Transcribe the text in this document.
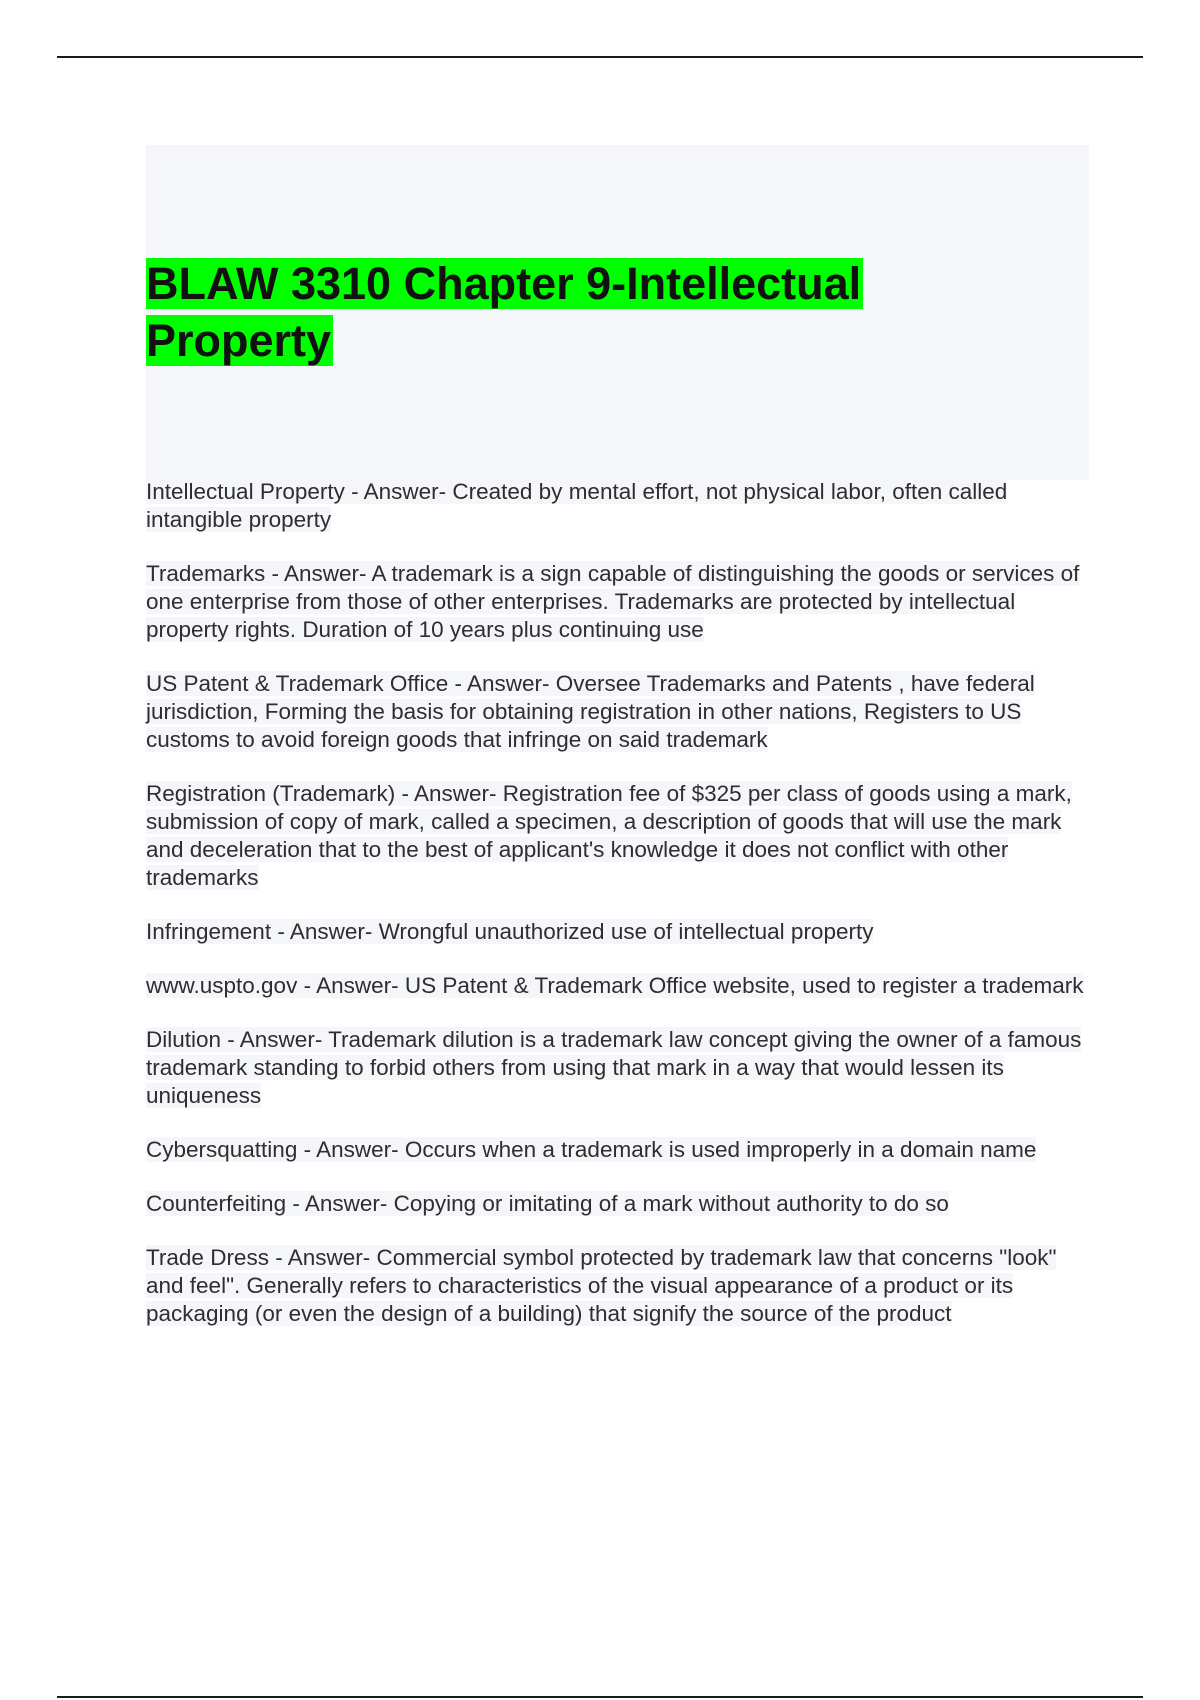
BLAW 3310 Chapter 9-Intellectual Property

Intellectual Property - Answer- Created by mental effort, not physical labor, often called intangible property

Trademarks - Answer- A trademark is a sign capable of distinguishing the goods or services of one enterprise from those of other enterprises. Trademarks are protected by intellectual property rights. Duration of 10 years plus continuing use

US Patent & Trademark Office - Answer- Oversee Trademarks and Patents , have federal jurisdiction, Forming the basis for obtaining registration in other nations, Registers to US customs to avoid foreign goods that infringe on said trademark

Registration (Trademark) - Answer- Registration fee of $325 per class of goods using a mark, submission of copy of mark, called a specimen, a description of goods that will use the mark and deceleration that to the best of applicant's knowledge it does not conflict with other trademarks

Infringement - Answer- Wrongful unauthorized use of intellectual property

www.uspto.gov - Answer- US Patent & Trademark Office website, used to register a trademark

Dilution - Answer- Trademark dilution is a trademark law concept giving the owner of a famous trademark standing to forbid others from using that mark in a way that would lessen its uniqueness

Cybersquatting - Answer- Occurs when a trademark is used improperly in a domain name

Counterfeiting - Answer- Copying or imitating of a mark without authority to do so

Trade Dress - Answer- Commercial symbol protected by trademark law that concerns "look" and feel". Generally refers to characteristics of the visual appearance of a product or its packaging (or even the design of a building) that signify the source of the product
